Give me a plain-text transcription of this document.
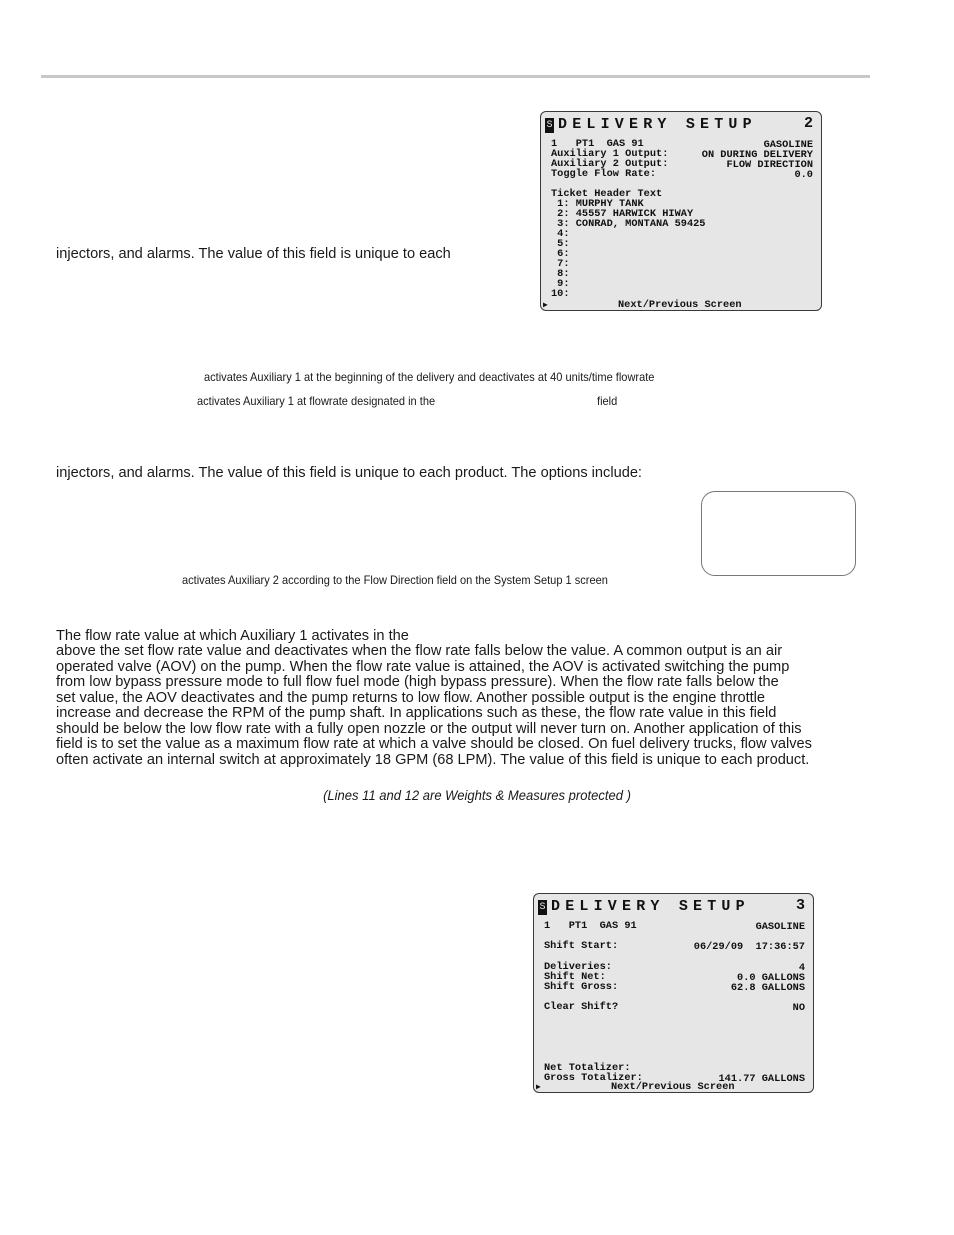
injectors, and alarms. The value of this field is unique to each
S DELIVERY SETUP	2
1   PT1  GAS 91	GASOLINE
Auxiliary 1 Output:	ON DURING DELIVERY
Auxiliary 2 Output:	FLOW DIRECTION
Toggle Flow Rate:	0.0
Ticket Header Text
1: MURPHY TANK
2: 45557 HARWICK HIWAY
3: CONRAD, MONTANA 59425
4:
5:
6:
7:
8:
9:
10:
▶	Next/Previous Screen
activates Auxiliary 1 at the beginning of the delivery and deactivates at 40 units/time flowrate
activates Auxiliary 1 at flowrate designated in the	field
injectors, and alarms. The value of this field is unique to each product. The options include:
activates Auxiliary 2 according to the Flow Direction field on the System Setup 1 screen
The flow rate value at which Auxiliary 1 activates in the
above the set flow rate value and deactivates when the flow rate falls below the value. A common output is an air
operated valve (AOV) on the pump. When the flow rate value is attained, the AOV is activated switching the pump
from low bypass pressure mode to full flow fuel mode (high bypass pressure). When the flow rate falls below the
set value, the AOV deactivates and the pump returns to low flow. Another possible output is the engine throttle
increase and decrease the RPM of the pump shaft. In applications such as these, the flow rate value in this field
should be below the low flow rate with a fully open nozzle or the output will never turn on. Another application of this
field is to set the value as a maximum flow rate at which a valve should be closed. On fuel delivery trucks, flow valves
often activate an internal switch at approximately 18 GPM (68 LPM). The value of this field is unique to each product.
(Lines 11 and 12 are Weights & Measures protected )
S DELIVERY SETUP	3
1   PT1  GAS 91	GASOLINE
Shift Start:	06/29/09  17:36:57
Deliveries:	4
Shift Net:	0.0 GALLONS
Shift Gross:	62.8 GALLONS
Clear Shift?	NO
Net Totalizer:
Gross Totalizer:	141.77 GALLONS
▶	Next/Previous Screen
